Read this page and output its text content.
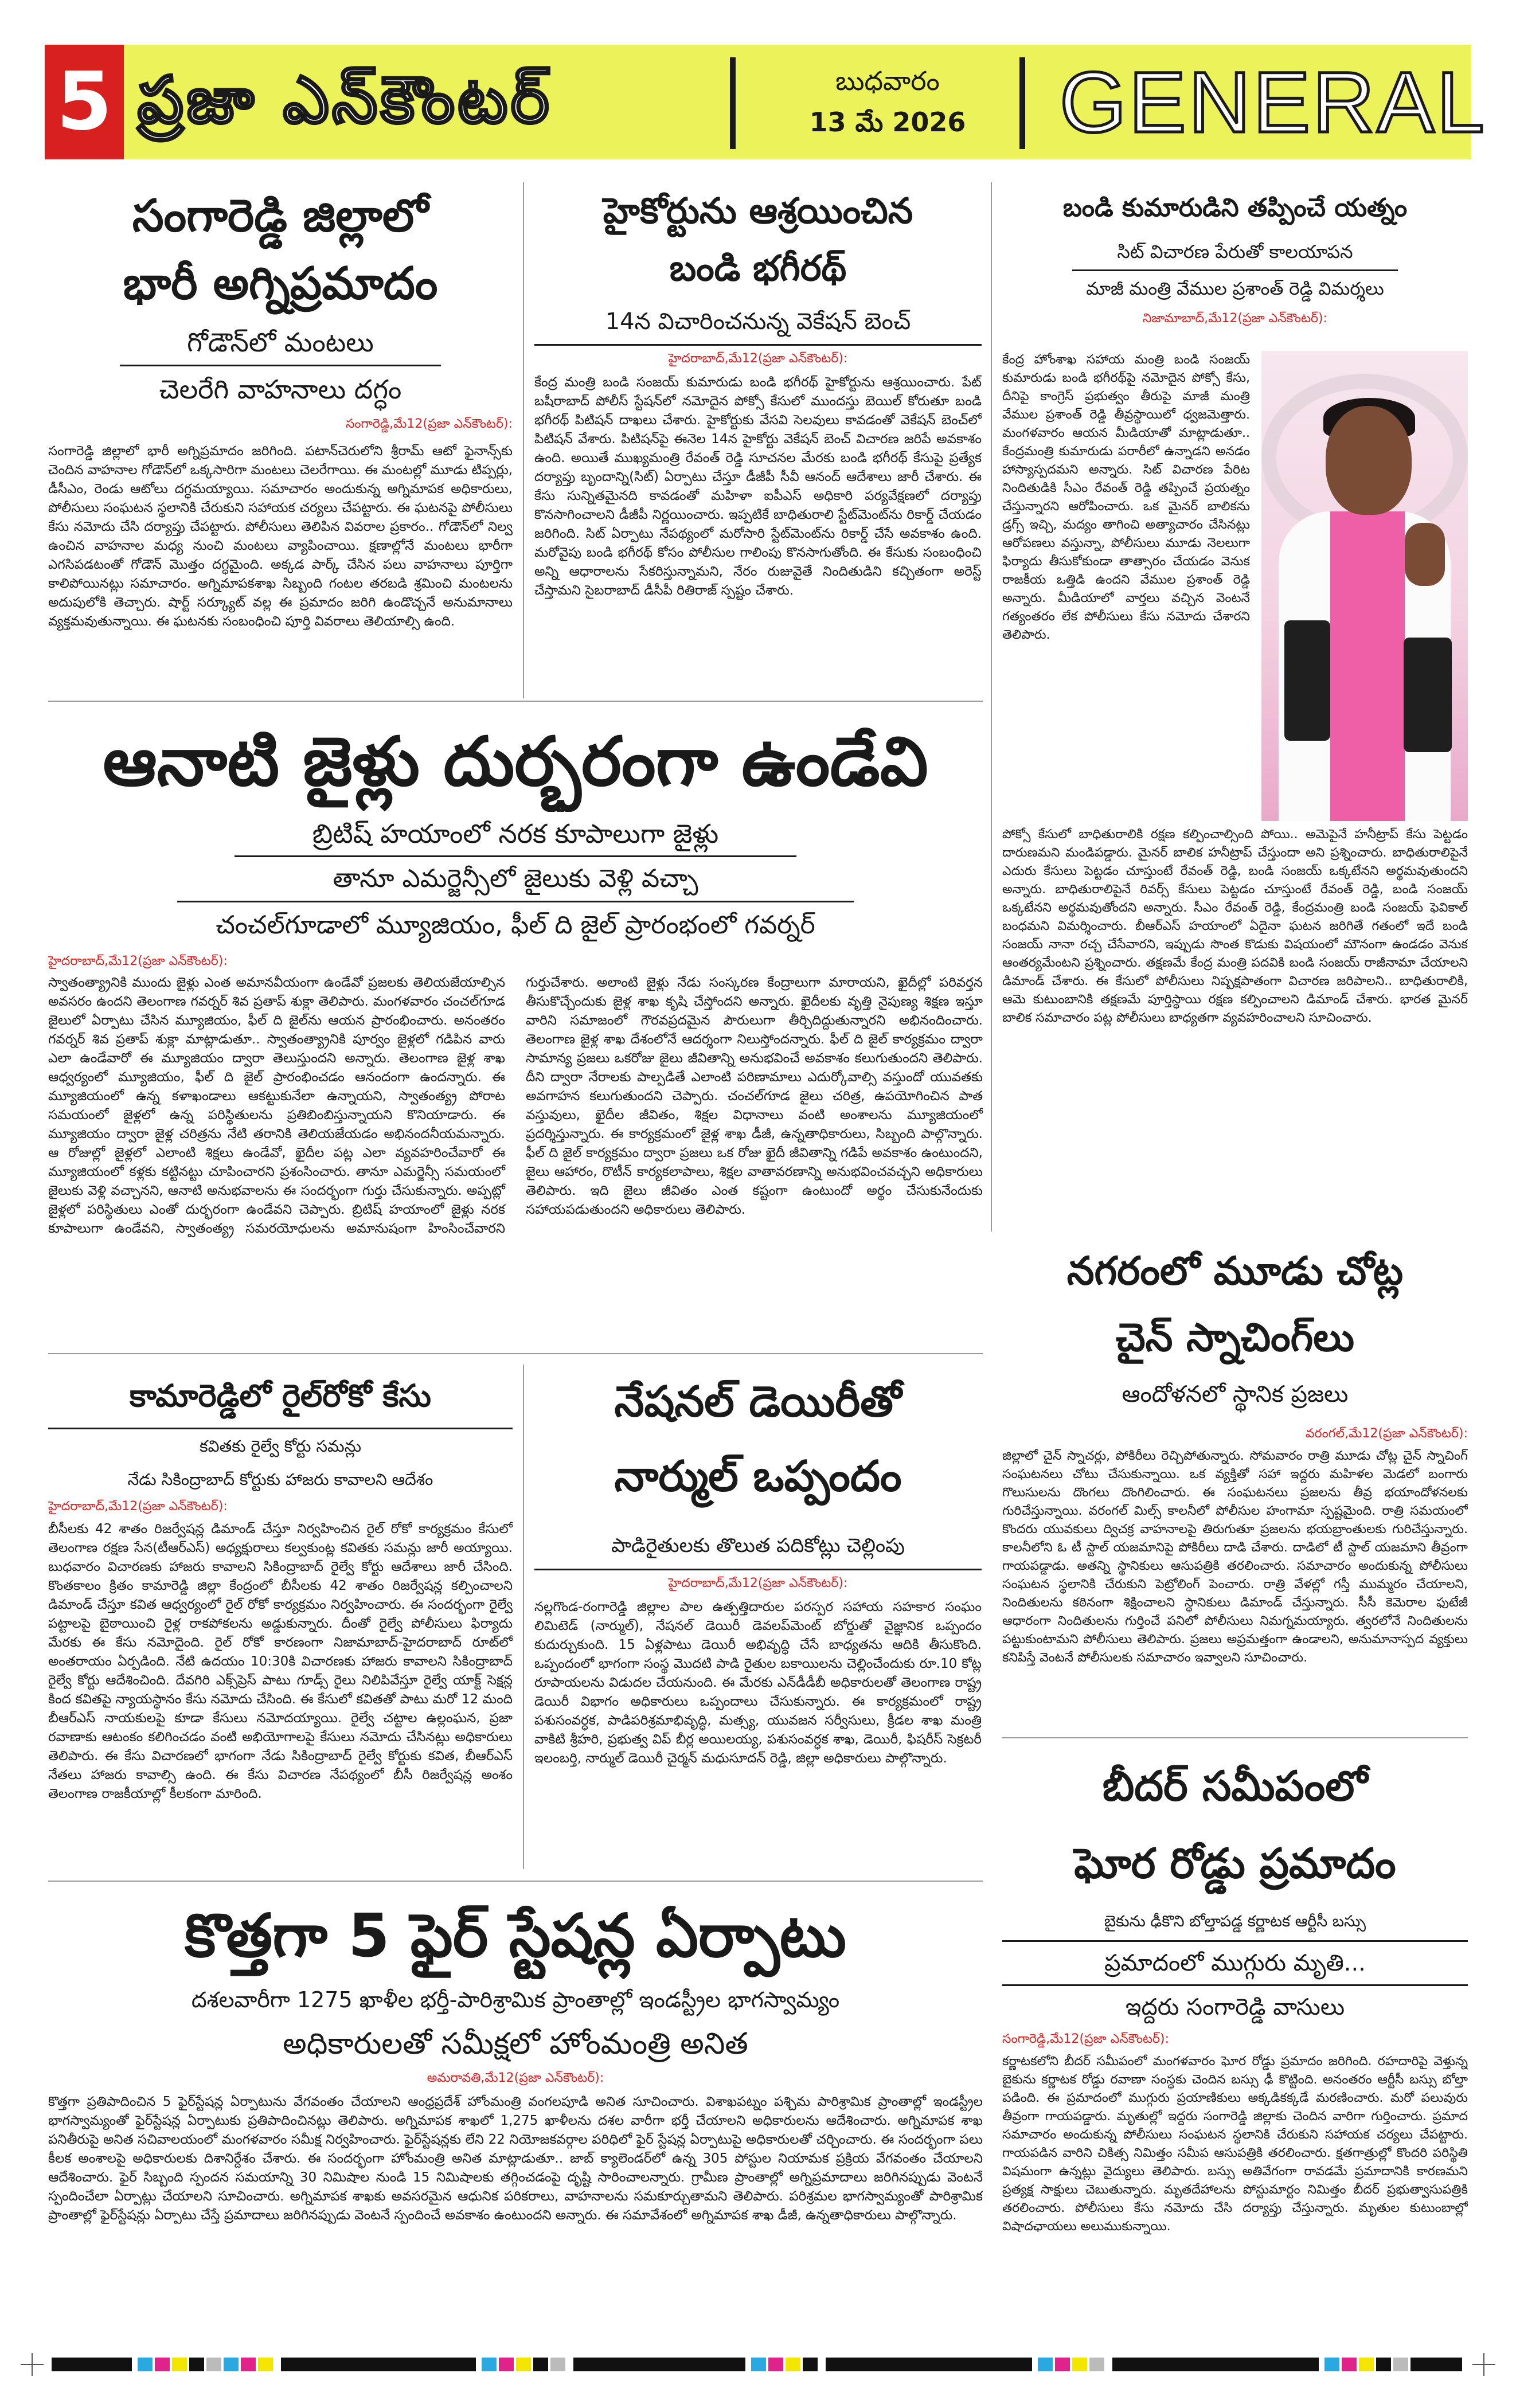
5 ప్రజా ఎన్‌కౌంటర్	బుధవారం
13 మే 2026 GENERAL
సంగారెడ్డి జిల్లాలో
భారీ అగ్నిప్రమాదం
గోడౌన్‌లో మంటలు
చెలరేగి వాహనాలు దగ్ధం
సంగారెడ్డి,మే12(ప్రజా ఎన్‌కౌంటర్):
సంగారెడ్డి జిల్లాలో భారీ అగ్నిప్రమాదం జరిగింది. పటాన్‌చెరులోని శ్రీరామ్ ఆటో ఫైనాన్స్‌కు చెందిన వాహనాల గోడౌన్‌లో ఒక్కసారిగా మంటలు చెలరేగాయి. ఈ మంటల్లో మూడు టిప్పర్లు, డీసీఎం, రెండు ఆటోలు దగ్ధమయ్యాయి. సమాచారం అందుకున్న అగ్నిమాపక అధికారులు, పోలీసులు సంఘటన స్థలానికి చేరుకుని సహాయక చర్యలు చేపట్టారు. ఈ ఘటనపై పోలీసులు కేసు నమోదు చేసి దర్యాప్తు చేపట్టారు. పోలీసులు తెలిపిన వివరాల ప్రకారం.. గోడౌన్‌లో నిల్వ ఉంచిన వాహనాల మధ్య నుంచి మంటలు వ్యాపించాయి. క్షణాల్లోనే మంటలు భారీగా ఎగసిపడటంతో గోడౌన్ మొత్తం దగ్ధమైంది. అక్కడ పార్క్ చేసిన పలు వాహనాలు పూర్తిగా కాలిపోయినట్లు సమాచారం. అగ్నిమాపకశాఖ సిబ్బంది గంటల తరబడి శ్రమించి మంటలను అదుపులోకి తెచ్చారు. షార్ట్ సర్క్యూట్ వల్ల ఈ ప్రమాదం జరిగి ఉండొచ్చనే అనుమానాలు వ్యక్తమవుతున్నాయి. ఈ ఘటనకు సంబంధించి పూర్తి వివరాలు తెలియాల్సి ఉంది.
హైకోర్టును ఆశ్రయించిన
బండి భగీరథ్
14న విచారించనున్న వెకేషన్ బెంచ్
హైదరాబాద్,మే12(ప్రజా ఎన్‌కౌంటర్):
కేంద్ర మంత్రి బండి సంజయ్ కుమారుడు బండి భగీరథ్ హైకోర్టును ఆశ్రయించారు. పేట్ బషీరాబాద్ పోలీస్ స్టేషన్‌లో నమోదైన పోక్సో కేసులో ముందస్తు బెయిల్ కోరుతూ బండి భగీరథ్ పిటిషన్ దాఖలు చేశారు. హైకోర్టుకు వేసవి సెలవులు కావడంతో వెకేషన్ బెంచ్‌లో పిటిషన్ వేశారు. పిటిషన్‌పై ఈనెల 14న హైకోర్టు వెకేషన్ బెంచ్ విచారణ జరిపే అవకాశం ఉంది. అయితే ముఖ్యమంత్రి రేవంత్ రెడ్డి సూచనల మేరకు బండి భగీరథ్ కేసుపై ప్రత్యేక దర్యాప్తు బృందాన్ని(సిట్) ఏర్పాటు చేస్తూ డీజీపీ సీవీ ఆనంద్ ఆదేశాలు జారీ చేశారు. ఈ కేసు సున్నితమైనది కావడంతో మహిళా ఐపీఎస్ అధికారి పర్యవేక్షణలో దర్యాప్తు కొనసాగించాలని డీజీపీ నిర్ణయించారు. ఇప్పటికే బాధితురాలి స్టేట్‌మెంట్‌ను రికార్డ్ చేయడం జరిగింది. సిట్ ఏర్పాటు నేపథ్యంలో మరోసారి స్టేట్‌మెంట్‌ను రికార్డ్ చేసే అవకాశం ఉంది. మరోవైపు బండి భగీరథ్ కోసం పోలీసుల గాలింపు కొనసాగుతోంది. ఈ కేసుకు సంబంధించి అన్ని ఆధారాలను సేకరిస్తున్నామని, నేరం రుజువైతే నిందితుడిని కచ్చితంగా అరెస్ట్ చేస్తామని సైబరాబాద్ డీసీపీ రితిరాజ్ స్పష్టం చేశారు.
బండి కుమారుడిని తప్పించే యత్నం
సిట్ విచారణ పేరుతో కాలయాపన
మాజీ మంత్రి వేముల ప్రశాంత్ రెడ్డి విమర్శలు
నిజామాబాద్,మే12(ప్రజా ఎన్‌కౌంటర్):
కేంద్ర హోంశాఖ సహాయ మంత్రి బండి సంజయ్ కుమారుడు బండి భగీరథ్‌పై నమోదైన పోక్సో కేసు, దీనిపై కాంగ్రెస్ ప్రభుత్వం తీరుపై మాజీ మంత్రి వేముల ప్రశాంత్ రెడ్డి తీవ్రస్థాయిలో ధ్వజమెత్తారు. మంగళవారం ఆయన మీడియాతో మాట్లాడుతూ.. కేంద్రమంత్రి కుమారుడు పరారీలో ఉన్నాడని అనడం హాస్యాస్పదమని అన్నారు. సిట్ విచారణ పేరిట నిందితుడికి సీఎం రేవంత్ రెడ్డి తప్పించే ప్రయత్నం చేస్తున్నారని ఆరోపించారు. ఒక మైనర్ బాలికను డ్రగ్స్ ఇచ్చి, మద్యం తాగించి అత్యాచారం చేసినట్లు ఆరోపణలు వస్తున్నా, పోలీసులు మూడు నెలలుగా ఫిర్యాదు తీసుకోకుండా తాత్సారం చేయడం వెనుక రాజకీయ ఒత్తిడి ఉందని వేముల ప్రశాంత్ రెడ్డి అన్నారు. మీడియాలో వార్తలు వచ్చిన వెంటనే గత్యంతరం లేక పోలీసులు కేసు నమోదు చేశారని తెలిపారు.
పోక్సో కేసులో బాధితురాలికి రక్షణ కల్పించాల్సింది పోయి.. అమెపైనే హనీట్రాప్ కేసు పెట్టడం దారుణమని మండిపడ్డారు. మైనర్ బాలిక హనీట్రాప్ చేస్తుందా అని ప్రశ్నించారు. బాధితురాలిపైనే ఎదురు కేసులు పెట్టడం చూస్తుంటే రేవంత్ రెడ్డి, బండి సంజయ్ ఒక్కటేనని అర్థమవుతుందని అన్నారు. బాధితురాలిపైనే రివర్స్ కేసులు పెట్టడం చూస్తుంటే రేవంత్ రెడ్డి, బండి సంజయ్ ఒక్కటేనని అర్థమవుతోందని అన్నారు. సీఎం రేవంత్ రెడ్డి, కేంద్రమంత్రి బండి సంజయ్ ఫెవికాల్ బంధమని విమర్శించారు. బీఆర్ఎస్ హయాంలో ఏదైనా ఘటన జరిగితే గతంలో ఇదే బండి సంజయ్ నానా రచ్చ చేసేవారని, ఇప్పుడు సొంత కొడుకు విషయంలో మౌనంగా ఉండడం వెనుక ఆంతర్యమేంటని ప్రశ్నించారు. తక్షణమే కేంద్ర మంత్రి పదవికి బండి సంజయ్ రాజీనామా చేయాలని డిమాండ్ చేశారు. ఈ కేసులో పోలీసులు నిష్పక్షపాతంగా విచారణ జరిపాలని.. బాధితురాలికి, ఆమె కుటుంబానికి తక్షణమే పూర్తిస్థాయి రక్షణ కల్పించాలని డిమాండ్ చేశారు. భారత మైనర్ బాలిక సమాచారం పట్ల పోలీసులు బాధ్యతగా వ్యవహరించాలని సూచించారు.
ఆనాటి జైళ్లు దుర్భరంగా ఉండేవి
బ్రిటిష్ హయాంలో నరక కూపాలుగా జైళ్లు
తానూ ఎమర్జెన్సీలో జైలుకు వెళ్లి వచ్చా
చంచల్‌గూడాలో మ్యూజియం, ఫీల్ ది జైల్ ప్రారంభంలో గవర్నర్
హైదరాబాద్,మే12(ప్రజా ఎన్‌కౌంటర్):
స్వాతంత్య్రానికి ముందు జైళ్లు ఎంత అమానవీయంగా ఉండేవో ప్రజలకు తెలియజేయాల్సిన అవసరం ఉందని తెలంగాణ గవర్నర్ శివ ప్రతాప్ శుక్లా తెలిపారు. మంగళవారం చంచల్‌గూడ జైలులో ఏర్పాటు చేసిన మ్యూజియం, ఫీల్ ది జైల్‌ను ఆయన ప్రారంభించారు. అనంతరం గవర్నర్ శివ ప్రతాప్ శుక్లా మాట్లాడుతూ.. స్వాతంత్య్రానికి పూర్వం జైళ్లలో గడిపిన వారు ఎలా ఉండేవారో ఈ మ్యూజియం ద్వారా తెలుస్తుందని అన్నారు. తెలంగాణ జైళ్ల శాఖ ఆధ్వర్యంలో మ్యూజియం, ఫీల్ ది జైల్ ప్రారంభించడం ఆనందంగా ఉందన్నారు. ఈ మ్యూజియంలో ఉన్న కళాఖండాలు ఆకట్టుకునేలా ఉన్నాయని, స్వాతంత్య్ర పోరాట సమయంలో జైళ్లలో ఉన్న పరిస్థితులను ప్రతిబింబిస్తున్నాయని కొనియాడారు. ఈ మ్యూజియం ద్వారా జైళ్ల చరిత్రను నేటి తరానికి తెలియజేయడం అభినందనీయమన్నారు. ఆ రోజుల్లో జైళ్లలో ఎలాంటి శిక్షలు ఉండేవో, ఖైదీల పట్ల ఎలా వ్యవహరించేవారో ఈ మ్యూజియంలో కళ్లకు కట్టినట్టు చూపించారని ప్రశంసించారు. తానూ ఎమర్జెన్సీ సమయంలో జైలుకు వెళ్లి వచ్చానని, ఆనాటి అనుభవాలను ఈ సందర్భంగా గుర్తు చేసుకున్నారు. అప్పట్లో జైళ్లలో పరిస్థితులు ఎంతో దుర్భరంగా ఉండేవని చెప్పారు. బ్రిటిష్ హయాంలో జైళ్లు నరక కూపాలుగా ఉండేవని, స్వాతంత్య్ర సమరయోధులను అమానుషంగా హింసించేవారని గుర్తుచేశారు. అలాంటి జైళ్లు నేడు సంస్కరణ కేంద్రాలుగా మారాయని, ఖైదీల్లో పరివర్తన తీసుకొచ్చేందుకు జైళ్ల శాఖ కృషి చేస్తోందని అన్నారు. ఖైదీలకు వృత్తి నైపుణ్య శిక్షణ ఇస్తూ వారిని సమాజంలో గౌరవప్రదమైన పౌరులుగా తీర్చిదిద్దుతున్నారని అభినందించారు. తెలంగాణ జైళ్ల శాఖ దేశంలోనే ఆదర్శంగా నిలుస్తోందన్నారు. ఫీల్ ది జైల్ కార్యక్రమం ద్వారా సామాన్య ప్రజలు ఒకరోజు జైలు జీవితాన్ని అనుభవించే అవకాశం కలుగుతుందని తెలిపారు. దీని ద్వారా నేరాలకు పాల్పడితే ఎలాంటి పరిణామాలు ఎదుర్కోవాల్సి వస్తుందో యువతకు అవగాహన కలుగుతుందని చెప్పారు. చంచల్‌గూడ జైలు చరిత్ర, ఉపయోగించిన పాత వస్తువులు, ఖైదీల జీవితం, శిక్షల విధానాలు వంటి అంశాలను మ్యూజియంలో ప్రదర్శిస్తున్నారు. ఈ కార్యక్రమంలో జైళ్ల శాఖ డీజీ, ఉన్నతాధికారులు, సిబ్బంది పాల్గొన్నారు. ఫీల్ ది జైల్ కార్యక్రమం ద్వారా ప్రజలు ఒక రోజు ఖైదీ జీవితాన్ని గడిపే అవకాశం ఉంటుందని, జైలు ఆహారం, రొటీన్ కార్యకలాపాలు, శిక్షల వాతావరణాన్ని అనుభవించవచ్చని అధికారులు తెలిపారు. ఇది జైలు జీవితం ఎంత కష్టంగా ఉంటుందో అర్థం చేసుకునేందుకు సహాయపడుతుందని అధికారులు తెలిపారు.
కామారెడ్డిలో రైల్‌రోకో కేసు
కవితకు రైల్వే కోర్టు సమన్లు
నేడు సికింద్రాబాద్ కోర్టుకు హాజరు కావాలని ఆదేశం
హైదరాబాద్,మే12(ప్రజా ఎన్‌కౌంటర్):
బీసీలకు 42 శాతం రిజర్వేషన్ల డిమాండ్ చేస్తూ నిర్వహించిన రైల్ రోకో కార్యక్రమం కేసులో తెలంగాణ రక్షణ సేన(టీఆర్ఎస్) అధ్యక్షురాలు కల్వకుంట్ల కవితకు సమన్లు జారీ అయ్యాయి. బుధవారం విచారణకు హాజరు కావాలని సికింద్రాబాద్ రైల్వే కోర్టు ఆదేశాలు జారీ చేసింది. కొంతకాలం క్రితం కామారెడ్డి జిల్లా కేంద్రంలో బీసీలకు 42 శాతం రిజర్వేషన్ల కల్పించాలని డిమాండ్ చేస్తూ కవిత ఆధ్వర్యంలో రైల్ రోకో కార్యక్రమం నిర్వహించారు. ఈ సందర్భంగా రైల్వే పట్టాలపై బైఠాయించి రైళ్ల రాకపోకలను అడ్డుకున్నారు. దీంతో రైల్వే పోలీసులు ఫిర్యాదు మేరకు ఈ కేసు నమోదైంది. రైల్ రోకో కారణంగా నిజామాబాద్-హైదరాబాద్ రూట్‌లో అంతరాయం ఏర్పడింది. నేటి ఉదయం 10:30కి విచారణకు హాజరు కావాలని సికింద్రాబాద్ రైల్వే కోర్టు ఆదేశించింది. దేవగిరి ఎక్స్‌ప్రెస్ పాటు గూడ్స్ రైలు నిలిపివేస్తూ రైల్వే యాక్ట్ సెక్షన్ల కింద కవితపై న్యాయస్థానం కేసు నమోదు చేసింది. ఈ కేసులో కవితతో పాటు మరో 12 మంది బీఆర్ఎస్ నాయకులపై కూడా కేసులు నమోదయ్యాయి. రైల్వే చట్టాల ఉల్లంఘన, ప్రజా రవాణాకు ఆటంకం కలిగించడం వంటి అభియోగాలపై కేసులు నమోదు చేసినట్లు అధికారులు తెలిపారు. ఈ కేసు విచారణలో భాగంగా నేడు సికింద్రాబాద్ రైల్వే కోర్టుకు కవిత, బీఆర్ఎస్ నేతలు హాజరు కావాల్సి ఉంది. ఈ కేసు విచారణ నేపథ్యంలో బీసీ రిజర్వేషన్ల అంశం తెలంగాణ రాజకీయాల్లో కీలకంగా మారింది.
నేషనల్ డెయిరీతో
నార్ముల్ ఒప్పందం
పాడిరైతులకు తొలుత పదికోట్లు చెల్లింపు
హైదరాబాద్,మే12(ప్రజా ఎన్‌కౌంటర్):
నల్లగొండ-రంగారెడ్డి జిల్లాల పాల ఉత్పత్తిదారుల పరస్పర సహాయ సహకార సంఘం లిమిటెడ్ (నార్ముల్), నేషనల్ డెయిరీ డెవలప్‌మెంట్ బోర్డుతో వైజ్ఞానిక ఒప్పందం కుదుర్చుకుంది. 15 ఏళ్లపాటు డెయిరీ అభివృద్ధి చేసే బాధ్యతను ఆదికి తీసుకొంది. ఒప్పందంలో భాగంగా సంస్థ మొదటి పాడి రైతుల బకాయిలను చెల్లించేందుకు రూ.10 కోట్ల రూపాయలను విడుదల చేయనుంది. ఈ మేరకు ఎన్‌డీడీబీ అధికారులతో తెలంగాణ రాష్ట్ర డెయిరీ విభాగం అధికారులు ఒప్పందాలు చేసుకున్నారు. ఈ కార్యక్రమంలో రాష్ట్ర పశుసంవర్ధక, పాడిపరిశ్రమాభివృద్ధి, మత్స్య, యువజన సర్వీసులు, క్రీడల శాఖ మంత్రి వాకిటి శ్రీహరి, ప్రభుత్వ విప్ బీర్ల అయిలయ్య, పశుసంవర్ధక శాఖ, డెయిరీ, ఫిషరీస్ సెక్రటరీ ఇలంబర్తి, నార్ముల్ డెయిరీ చైర్మన్ మధుసూదన్ రెడ్డి, జిల్లా అధికారులు పాల్గొన్నారు.
నగరంలో మూడు చోట్ల
చైన్ స్నాచింగ్‌లు
ఆందోళనలో స్థానిక ప్రజలు
వరంగల్,మే12(ప్రజా ఎన్‌కౌంటర్):
జిల్లాలో చైన్ స్నాచర్లు, పోకిరీలు రెచ్చిపోతున్నారు. సోమవారం రాత్రి మూడు చోట్ల చైన్ స్నాచింగ్ సంఘటనలు చోటు చేసుకున్నాయి. ఒక వ్యక్తితో సహా ఇద్దరు మహిళల మెడలో బంగారు గొలుసులను దొంగలు దొంగిలించారు. ఈ సంఘటనలు ప్రజలను తీవ్ర భయాందోళనలకు గురిచేస్తున్నాయి. వరంగల్ మిల్స్ కాలనీలో పోలీసుల హంగామా స్పష్టమైంది. రాత్రి సమయంలో కొందరు యువకులు ద్విచక్ర వాహనాలపై తిరుగుతూ ప్రజలను భయబ్రాంతులకు గురిచేస్తున్నారు. కాలనీలోని ఓ టీ స్టాల్ యజమానిపై పోకిరీలు దాడి చేశారు. దాడిలో టీ స్టాల్ యజమాని తీవ్రంగా గాయపడ్డాడు. అతన్ని స్థానికులు ఆసుపత్రికి తరలించారు. సమాచారం అందుకున్న పోలీసులు సంఘటన స్థలానికి చేరుకుని పెట్రోలింగ్ పెంచారు. రాత్రి వేళల్లో గస్తీ ముమ్మరం చేయాలని, నిందితులను కఠినంగా శిక్షించాలని స్థానికులు డిమాండ్ చేస్తున్నారు. సీసీ కెమెరాల ఫుటేజీ ఆధారంగా నిందితులను గుర్తించే పనిలో పోలీసులు నిమగ్నమయ్యారు. త్వరలోనే నిందితులను పట్టుకుంటామని పోలీసులు తెలిపారు. ప్రజలు అప్రమత్తంగా ఉండాలని, అనుమానాస్పద వ్యక్తులు కనిపిస్తే వెంటనే పోలీసులకు సమాచారం ఇవ్వాలని సూచించారు.
బీదర్ సమీపంలో
ఘోర రోడ్డు ప్రమాదం
బైకును ఢీకొని బోల్తాపడ్డ కర్ణాటక ఆర్టీసీ బస్సు
ప్రమాదంలో ముగ్గురు మృతి...
ఇద్దరు సంగారెడ్డి వాసులు
సంగారెడ్డి,మే12(ప్రజా ఎన్‌కౌంటర్):
కర్ణాటకలోని బీదర్ సమీపంలో మంగళవారం ఘోర రోడ్డు ప్రమాదం జరిగింది. రహదారిపై వెళ్తున్న బైకును కర్ణాటక రోడ్డు రవాణా సంస్థకు చెందిన బస్సు ఢీ కొట్టింది. అనంతరం ఆర్టీసీ బస్సు బోల్తా పడింది. ఈ ప్రమాదంలో ముగ్గురు ప్రయాణికులు అక్కడికక్కడే మరణించారు. మరో పలువురు తీవ్రంగా గాయపడ్డారు. మృతుల్లో ఇద్దరు సంగారెడ్డి జిల్లాకు చెందిన వారిగా గుర్తించారు. ప్రమాద సమాచారం అందుకున్న పోలీసులు సంఘటన స్థలానికి చేరుకుని సహాయక చర్యలు చేపట్టారు. గాయపడిన వారిని చికిత్స నిమిత్తం సమీప ఆసుపత్రికి తరలించారు. క్షతగాత్రుల్లో కొందరి పరిస్థితి విషమంగా ఉన్నట్లు వైద్యులు తెలిపారు. బస్సు అతివేగంగా రావడమే ప్రమాదానికి కారణమని ప్రత్యక్ష సాక్షులు చెబుతున్నారు. మృతదేహాలను పోస్టుమార్టం నిమిత్తం బీదర్ ప్రభుత్వాసుపత్రికి తరలించారు. పోలీసులు కేసు నమోదు చేసి దర్యాప్తు చేస్తున్నారు. మృతుల కుటుంబాల్లో విషాదఛాయలు అలుముకున్నాయి.
కొత్తగా 5 ఫైర్ స్టేషన్ల ఏర్పాటు
దశలవారీగా 1275 ఖాళీల భర్తీ-పారిశ్రామిక ప్రాంతాల్లో ఇండస్ట్రీల భాగస్వామ్యం
అధికారులతో సమీక్షలో హోంమంత్రి అనిత
అమరావతి,మే12(ప్రజా ఎన్‌కౌంటర్):
కొత్తగా ప్రతిపాదించిన 5 ఫైర్‌స్టేషన్ల ఏర్పాటును వేగవంతం చేయాలని ఆంధ్రప్రదేశ్ హోంమంత్రి వంగలపూడి అనిత సూచించారు. విశాఖపట్నం పశ్చిమ పారిశ్రామిక ప్రాంతాల్లో ఇండస్ట్రీల భాగస్వామ్యంతో ఫైర్‌స్టేషన్ల ఏర్పాటుకు ప్రతిపాదించినట్లు తెలిపారు. అగ్నిమాపక శాఖలో 1,275 ఖాళీలను దశల వారీగా భర్తీ చేయాలని అధికారులను ఆదేశించారు. అగ్నిమాపక శాఖ పనితీరుపై అనిత సచివాలయంలో మంగళవారం సమీక్ష నిర్వహించారు. ఫైర్‌స్టేషన్లకు లేని 22 నియోజకవర్గాల పరిధిలో ఫైర్ స్టేషన్ల ఏర్పాటుపై అధికారులతో చర్చించారు. ఈ సందర్భంగా పలు కీలక అంశాలపై అధికారులకు దిశానిర్దేశం చేశారు. ఈ సందర్భంగా హోంమంత్రి అనిత మాట్లాడుతూ.. జాబ్ క్యాలెండర్‌లో ఉన్న 305 పోస్టుల నియామక ప్రక్రియ వేగవంతం చేయాలని ఆదేశించారు. ఫైర్ సిబ్బంది స్పందన సమయాన్ని 30 నిమిషాల నుండి 15 నిమిషాలకు తగ్గించడంపై దృష్టి సారించాలన్నారు. గ్రామీణ ప్రాంతాల్లో అగ్నిప్రమాదాలు జరిగినప్పుడు వెంటనే స్పందించేలా ఏర్పాట్లు చేయాలని సూచించారు. అగ్నిమాపక శాఖకు అవసరమైన ఆధునిక పరికరాలు, వాహనాలను సమకూర్చుతామని తెలిపారు. పరిశ్రమల భాగస్వామ్యంతో పారిశ్రామిక ప్రాంతాల్లో ఫైర్‌స్టేషన్లు ఏర్పాటు చేస్తే ప్రమాదాలు జరిగినప్పుడు వెంటనే స్పందించే అవకాశం ఉంటుందని అన్నారు. ఈ సమావేశంలో అగ్నిమాపక శాఖ డీజీ, ఉన్నతాధికారులు పాల్గొన్నారు.
